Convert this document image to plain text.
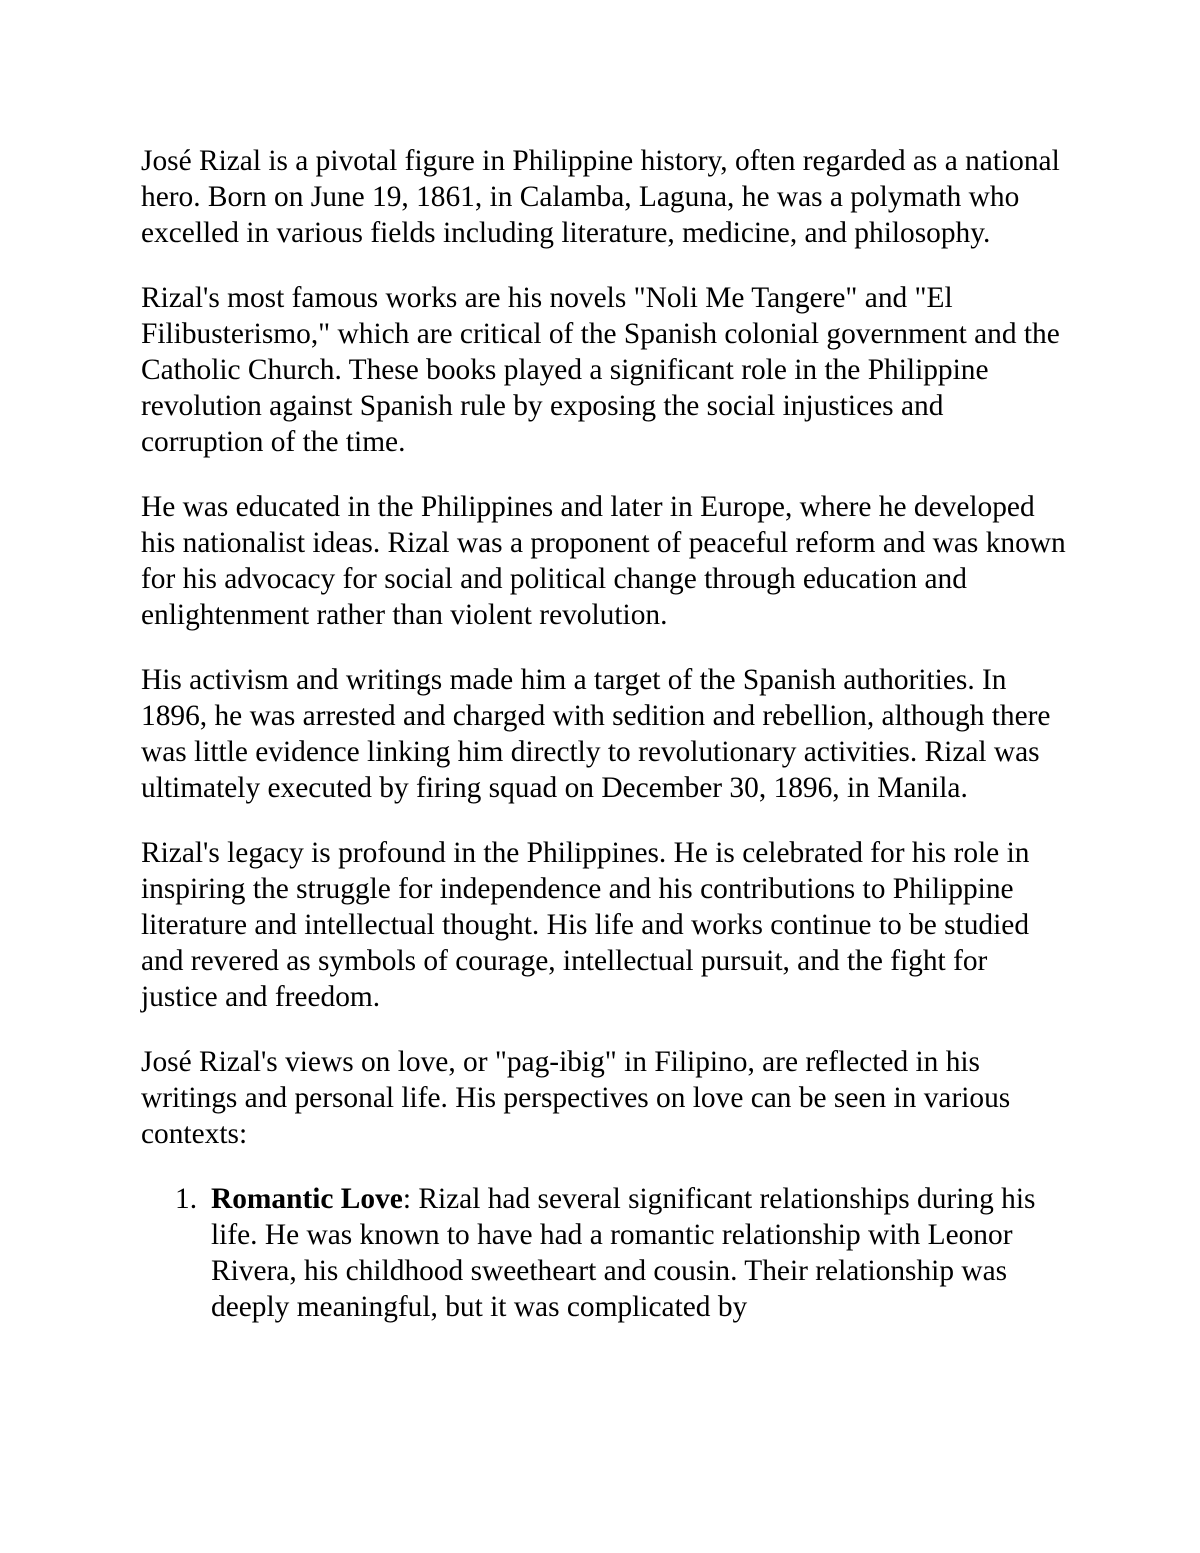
José Rizal is a pivotal figure in Philippine history, often regarded as a national hero. Born on June 19, 1861, in Calamba, Laguna, he was a polymath who excelled in various fields including literature, medicine, and philosophy.

Rizal's most famous works are his novels "Noli Me Tangere" and "El Filibusterismo," which are critical of the Spanish colonial government and the Catholic Church. These books played a significant role in the Philippine revolution against Spanish rule by exposing the social injustices and corruption of the time.

He was educated in the Philippines and later in Europe, where he developed his nationalist ideas. Rizal was a proponent of peaceful reform and was known for his advocacy for social and political change through education and enlightenment rather than violent revolution.

His activism and writings made him a target of the Spanish authorities. In 1896, he was arrested and charged with sedition and rebellion, although there was little evidence linking him directly to revolutionary activities. Rizal was ultimately executed by firing squad on December 30, 1896, in Manila.

Rizal's legacy is profound in the Philippines. He is celebrated for his role in inspiring the struggle for independence and his contributions to Philippine literature and intellectual thought. His life and works continue to be studied and revered as symbols of courage, intellectual pursuit, and the fight for justice and freedom.

José Rizal's views on love, or "pag-ibig" in Filipino, are reflected in his writings and personal life. His perspectives on love can be seen in various contexts:

1. Romantic Love: Rizal had several significant relationships during his life. He was known to have had a romantic relationship with Leonor Rivera, his childhood sweetheart and cousin. Their relationship was deeply meaningful, but it was complicated by
